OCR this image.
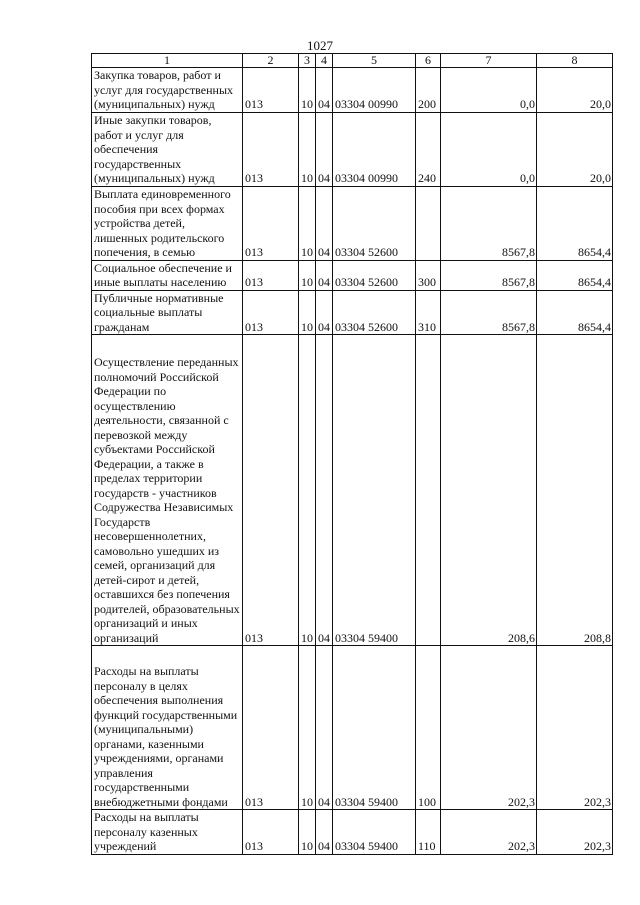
1027
1	2	3	4	5	6	7	8
Закупка товаров, работ и услуг для государственных (муниципальных) нужд	013	10	04	03304 00990	200	0,0	20,0
Иные закупки товаров, работ и услуг для обеспечения государственных (муниципальных) нужд	013	10	04	03304 00990	240	0,0	20,0
Выплата единовременного пособия при всех формах устройства детей, лишенных родительского попечения, в семью	013	10	04	03304 52600		8567,8	8654,4
Социальное обеспечение и иные выплаты населению	013	10	04	03304 52600	300	8567,8	8654,4
Публичные нормативные социальные выплаты гражданам	013	10	04	03304 52600	310	8567,8	8654,4
Осуществление переданных полномочий Российской Федерации по осуществлению деятельности, связанной с перевозкой между субъектами Российской Федерации, а также в пределах территории государств - участников Содружества Независимых Государств несовершеннолетних, самовольно ушедших из семей, организаций для детей-сирот и детей, оставшихся без попечения родителей, образовательных организаций и иных организаций	013	10	04	03304 59400		208,6	208,8
Расходы на выплаты персоналу в целях обеспечения выполнения функций государственными (муниципальными) органами, казенными учреждениями, органами управления государственными внебюджетными фондами	013	10	04	03304 59400	100	202,3	202,3
Расходы на выплаты персоналу казенных учреждений	013	10	04	03304 59400	110	202,3	202,3
